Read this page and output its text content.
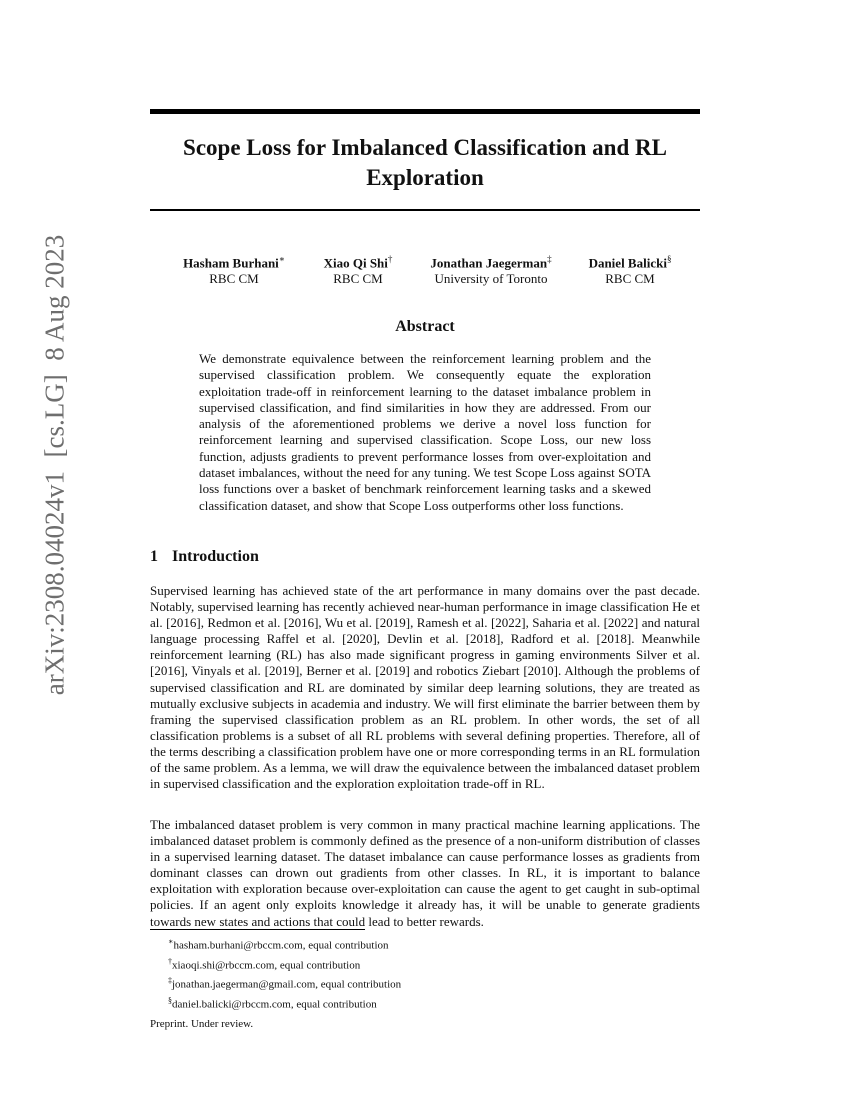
arXiv:2308.04024v1  [cs.LG]  8 Aug 2023
Scope Loss for Imbalanced Classification and RL Exploration
Hasham Burhani∗
RBC CM
Xiao Qi Shi†
RBC CM
Jonathan Jaegerman‡
University of Toronto
Daniel Balicki§
RBC CM
Abstract

We demonstrate equivalence between the reinforcement learning problem and the supervised classification problem. We consequently equate the exploration exploitation trade-off in reinforcement learning to the dataset imbalance problem in supervised classification, and find similarities in how they are addressed. From our analysis of the aforementioned problems we derive a novel loss function for reinforcement learning and supervised classification. Scope Loss, our new loss function, adjusts gradients to prevent performance losses from over-exploitation and dataset imbalances, without the need for any tuning. We test Scope Loss against SOTA loss functions over a basket of benchmark reinforcement learning tasks and a skewed classification dataset, and show that Scope Loss outperforms other loss functions.

1 Introduction

Supervised learning has achieved state of the art performance in many domains over the past decade. Notably, supervised learning has recently achieved near-human performance in image classification He et al. [2016], Redmon et al. [2016], Wu et al. [2019], Ramesh et al. [2022], Saharia et al. [2022] and natural language processing Raffel et al. [2020], Devlin et al. [2018], Radford et al. [2018]. Meanwhile reinforcement learning (RL) has also made significant progress in gaming environments Silver et al. [2016], Vinyals et al. [2019], Berner et al. [2019] and robotics Ziebart [2010]. Although the problems of supervised classification and RL are dominated by similar deep learning solutions, they are treated as mutually exclusive subjects in academia and industry. We will first eliminate the barrier between them by framing the supervised classification problem as an RL problem. In other words, the set of all classification problems is a subset of all RL problems with several defining properties. Therefore, all of the terms describing a classification problem have one or more corresponding terms in an RL formulation of the same problem. As a lemma, we will draw the equivalence between the imbalanced dataset problem in supervised classification and the exploration exploitation trade-off in RL.

The imbalanced dataset problem is very common in many practical machine learning applications. The imbalanced dataset problem is commonly defined as the presence of a non-uniform distribution of classes in a supervised learning dataset. The dataset imbalance can cause performance losses as gradients from dominant classes can drown out gradients from other classes. In RL, it is important to balance exploitation with exploration because over-exploitation can cause the agent to get caught in sub-optimal policies. If an agent only exploits knowledge it already has, it will be unable to generate gradients towards new states and actions that could lead to better rewards.

∗hasham.burhani@rbccm.com, equal contribution
†xiaoqi.shi@rbccm.com, equal contribution
‡jonathan.jaegerman@gmail.com, equal contribution
§daniel.balicki@rbccm.com, equal contribution
Preprint. Under review.
